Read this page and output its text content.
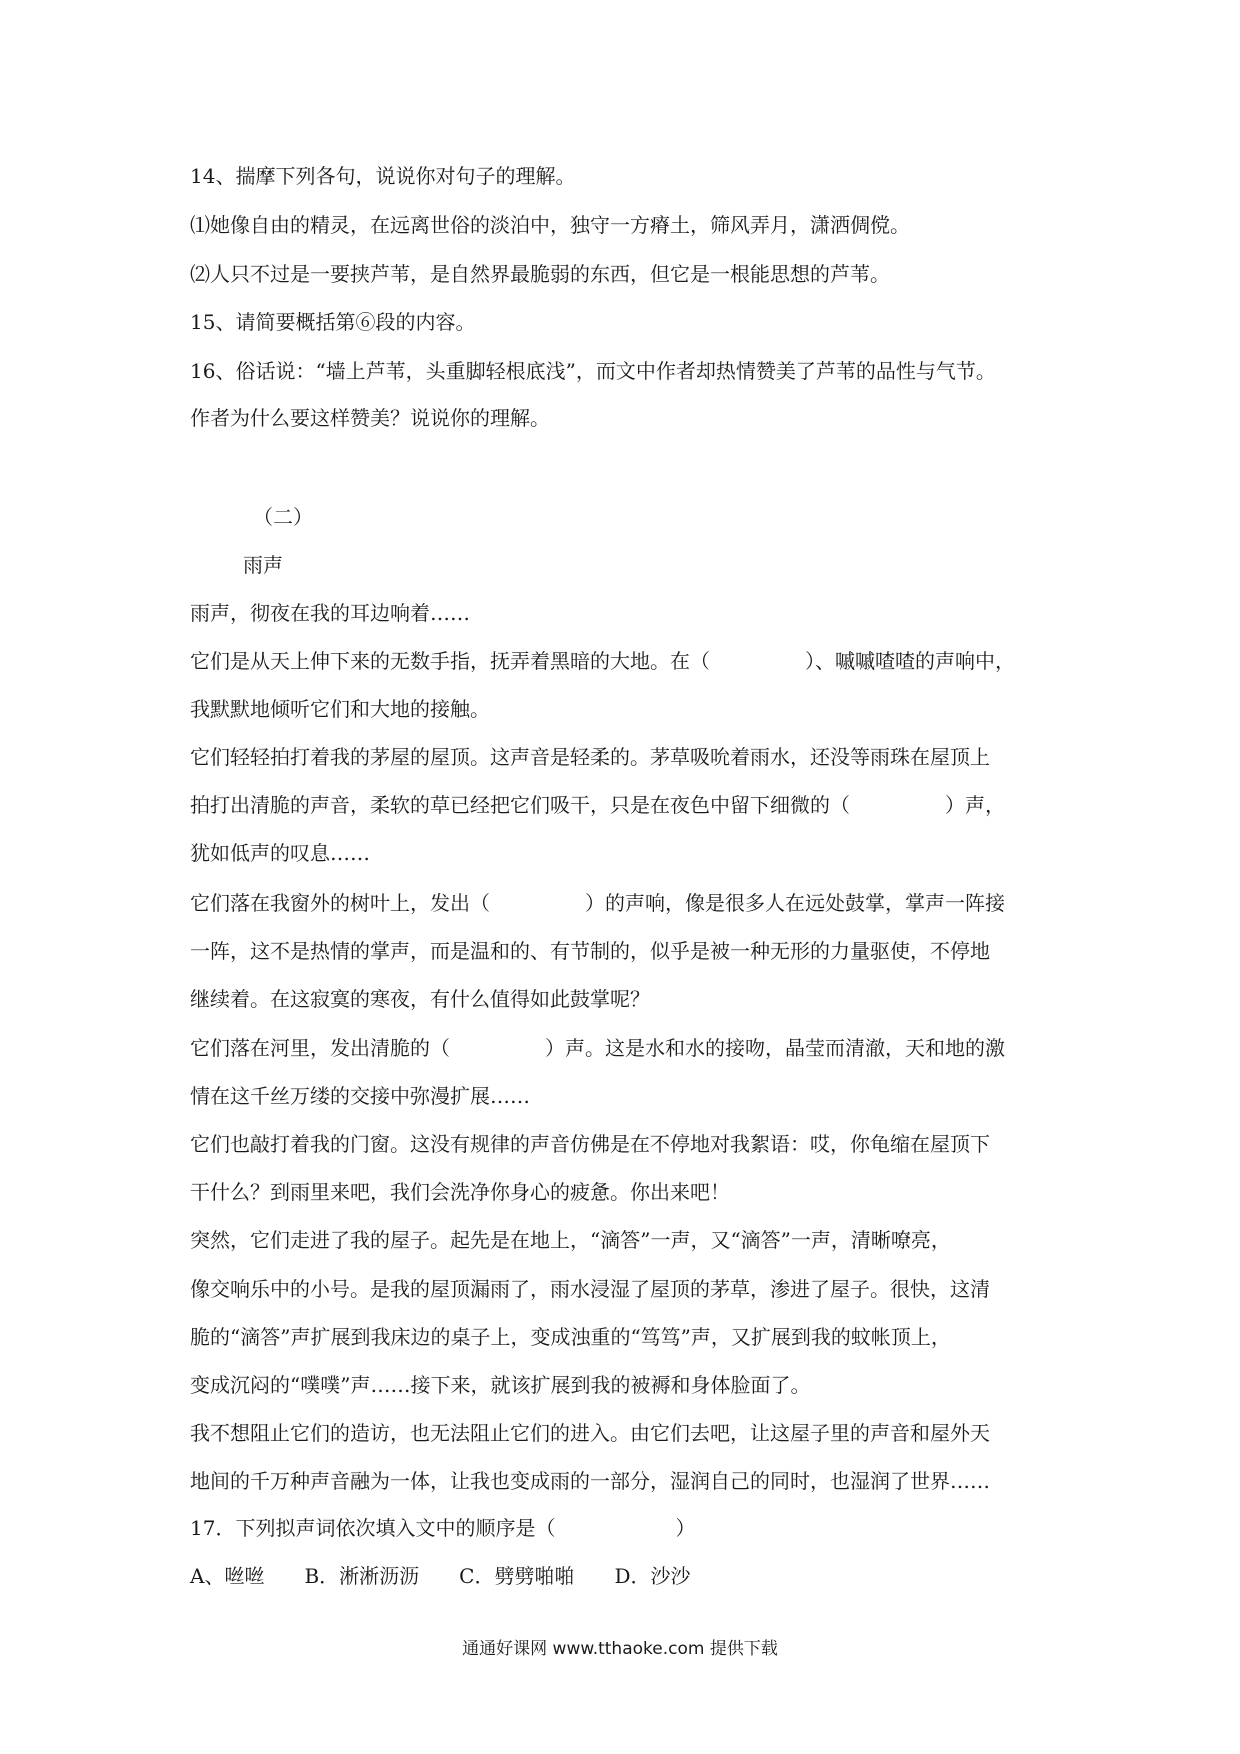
14、揣摩下列各句，说说你对句子的理解。
⑴她像自由的精灵，在远离世俗的淡泊中，独守一方瘠土，筛风弄月，潇洒倜傥。
⑵人只不过是一要挟芦苇，是自然界最脆弱的东西，但它是一根能思想的芦苇。
15、请简要概括第⑥段的内容。
16、俗话说：“墙上芦苇，头重脚轻根底浅”，而文中作者却热情赞美了芦苇的品性与气节。
作者为什么要这样赞美？说说你的理解。
（二）
雨声
雨声，彻夜在我的耳边响着……
它们是从天上伸下来的无数手指，抚弄着黑暗的大地。在（	）、嘁嘁喳喳的声响中，
我默默地倾听它们和大地的接触。
它们轻轻拍打着我的茅屋的屋顶。这声音是轻柔的。茅草吸吮着雨水，还没等雨珠在屋顶上
拍打出清脆的声音，柔软的草已经把它们吸干，只是在夜色中留下细微的（	）声，
犹如低声的叹息……
它们落在我窗外的树叶上，发出（	）的声响，像是很多人在远处鼓掌，掌声一阵接
一阵，这不是热情的掌声，而是温和的、有节制的，似乎是被一种无形的力量驱使，不停地
继续着。在这寂寞的寒夜，有什么值得如此鼓掌呢？
它们落在河里，发出清脆的（	）声。这是水和水的接吻，晶莹而清澈，天和地的激
情在这千丝万缕的交接中弥漫扩展……
它们也敲打着我的门窗。这没有规律的声音仿佛是在不停地对我絮语：哎，你龟缩在屋顶下
干什么？到雨里来吧，我们会洗净你身心的疲惫。你出来吧！
突然，它们走进了我的屋子。起先是在地上，“滴答”一声，又“滴答”一声，清晰嘹亮，
像交响乐中的小号。是我的屋顶漏雨了，雨水浸湿了屋顶的茅草，渗进了屋子。很快，这清
脆的“滴答”声扩展到我床边的桌子上，变成浊重的“笃笃”声，又扩展到我的蚊帐顶上，
变成沉闷的“噗噗”声……接下来，就该扩展到我的被褥和身体脸面了。
我不想阻止它们的造访，也无法阻止它们的进入。由它们去吧，让这屋子里的声音和屋外天
地间的千万种声音融为一体，让我也变成雨的一部分，湿润自己的同时，也湿润了世界……
17．下列拟声词依次填入文中的顺序是（	）
A、咝咝 B．淅淅沥沥 C．劈劈啪啪 D．沙沙
通通好课网 www.tthaoke.com 提供下载
